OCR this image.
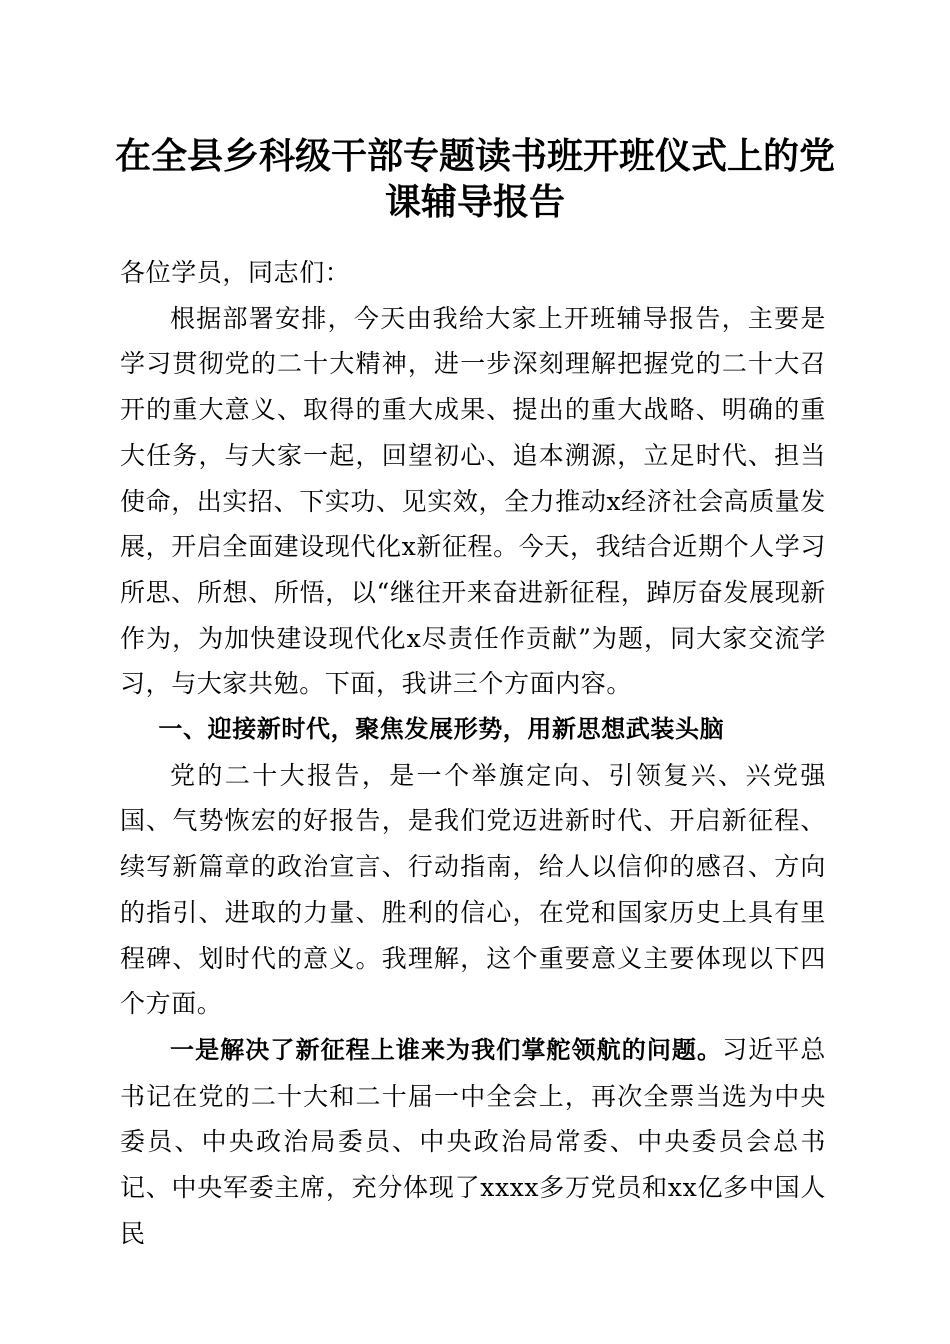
在全县乡科级干部专题读书班开班仪式上的党课辅导报告

各位学员，同志们：

根据部署安排，今天由我给大家上开班辅导报告，主要是学习贯彻党的二十大精神，进一步深刻理解把握党的二十大召开的重大意义、取得的重大成果、提出的重大战略、明确的重大任务，与大家一起，回望初心、追本溯源，立足时代、担当使命，出实招、下实功、见实效，全力推动x经济社会高质量发展，开启全面建设现代化x新征程。今天，我结合近期个人学习所思、所想、所悟，以“继往开来奋进新征程，踔厉奋发展现新作为，为加快建设现代化x尽责任作贡献”为题，同大家交流学习，与大家共勉。下面，我讲三个方面内容。

一、迎接新时代，聚焦发展形势，用新思想武装头脑

党的二十大报告，是一个举旗定向、引领复兴、兴党强国、气势恢宏的好报告，是我们党迈进新时代、开启新征程、续写新篇章的政治宣言、行动指南，给人以信仰的感召、方向的指引、进取的力量、胜利的信心，在党和国家历史上具有里程碑、划时代的意义。我理解，这个重要意义主要体现以下四个方面。

一是解决了新征程上谁来为我们掌舵领航的问题。习近平总书记在党的二十大和二十届一中全会上，再次全票当选为中央委员、中央政治局委员、中央政治局常委、中央委员会总书记、中央军委主席，充分体现了xxxx多万党员和xx亿多中国人民
